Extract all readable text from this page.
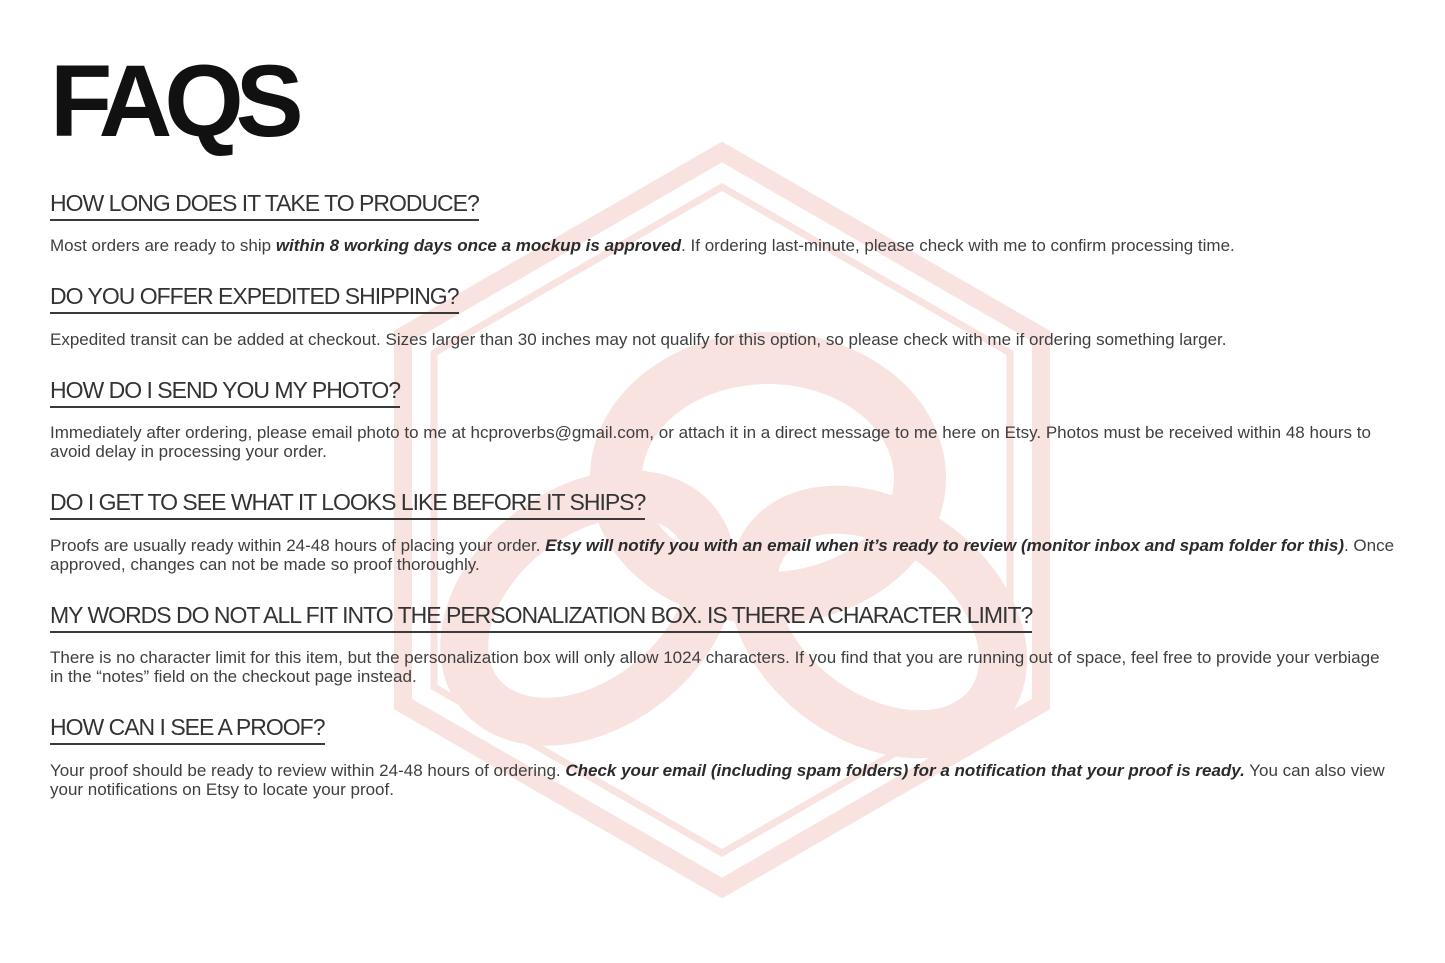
FAQS
HOW LONG DOES IT TAKE TO PRODUCE?

Most orders are ready to ship within 8 working days once a mockup is approved. If ordering last-minute, please check with me to confirm processing time.

DO YOU OFFER EXPEDITED SHIPPING?

Expedited transit can be added at checkout. Sizes larger than 30 inches may not qualify for this option, so please check with me if ordering something larger.

HOW DO I SEND YOU MY PHOTO?

Immediately after ordering, please email photo to me at hcproverbs@gmail.com, or attach it in a direct message to me here on Etsy. Photos must be received within 48 hours to avoid delay in processing your order.

DO I GET TO SEE WHAT IT LOOKS LIKE BEFORE IT SHIPS?

Proofs are usually ready within 24-48 hours of placing your order. Etsy will notify you with an email when it’s ready to review (monitor inbox and spam folder for this). Once approved, changes can not be made so proof thoroughly.

MY WORDS DO NOT ALL FIT INTO THE PERSONALIZATION BOX. IS THERE A CHARACTER LIMIT?

There is no character limit for this item, but the personalization box will only allow 1024 characters. If you find that you are running out of space, feel free to provide your verbiage in the “notes” field on the checkout page instead.

HOW CAN I SEE A PROOF?

Your proof should be ready to review within 24-48 hours of ordering. Check your email (including spam folders) for a notification that your proof is ready. You can also view your notifications on Etsy to locate your proof.
